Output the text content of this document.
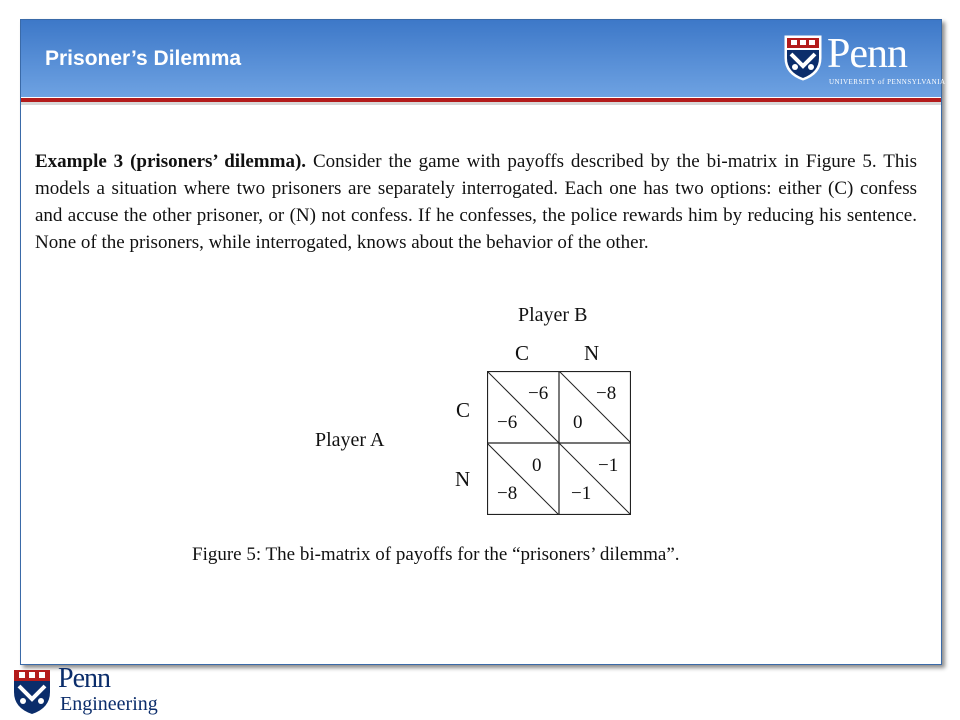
Prisoner’s Dilemma	Penn
UNIVERSITY of PENNSYLVANIA
Example 3 (prisoners’ dilemma). Consider the game with payoffs described by the bi-matrix in Figure 5. This models a situation where two prisoners are separately interrogated. Each one has two options: either (C) confess and accuse the other prisoner, or (N) not confess. If he confesses, the police rewards him by reducing his sentence. None of the prisoners, while interrogated, knows about the behavior of the other.
Player B
C	N
C
N
Player A
−6
−6
−8
0
0
−8
−1
−1
Figure 5: The bi-matrix of payoffs for the “prisoners’ dilemma”.
Penn
Engineering
